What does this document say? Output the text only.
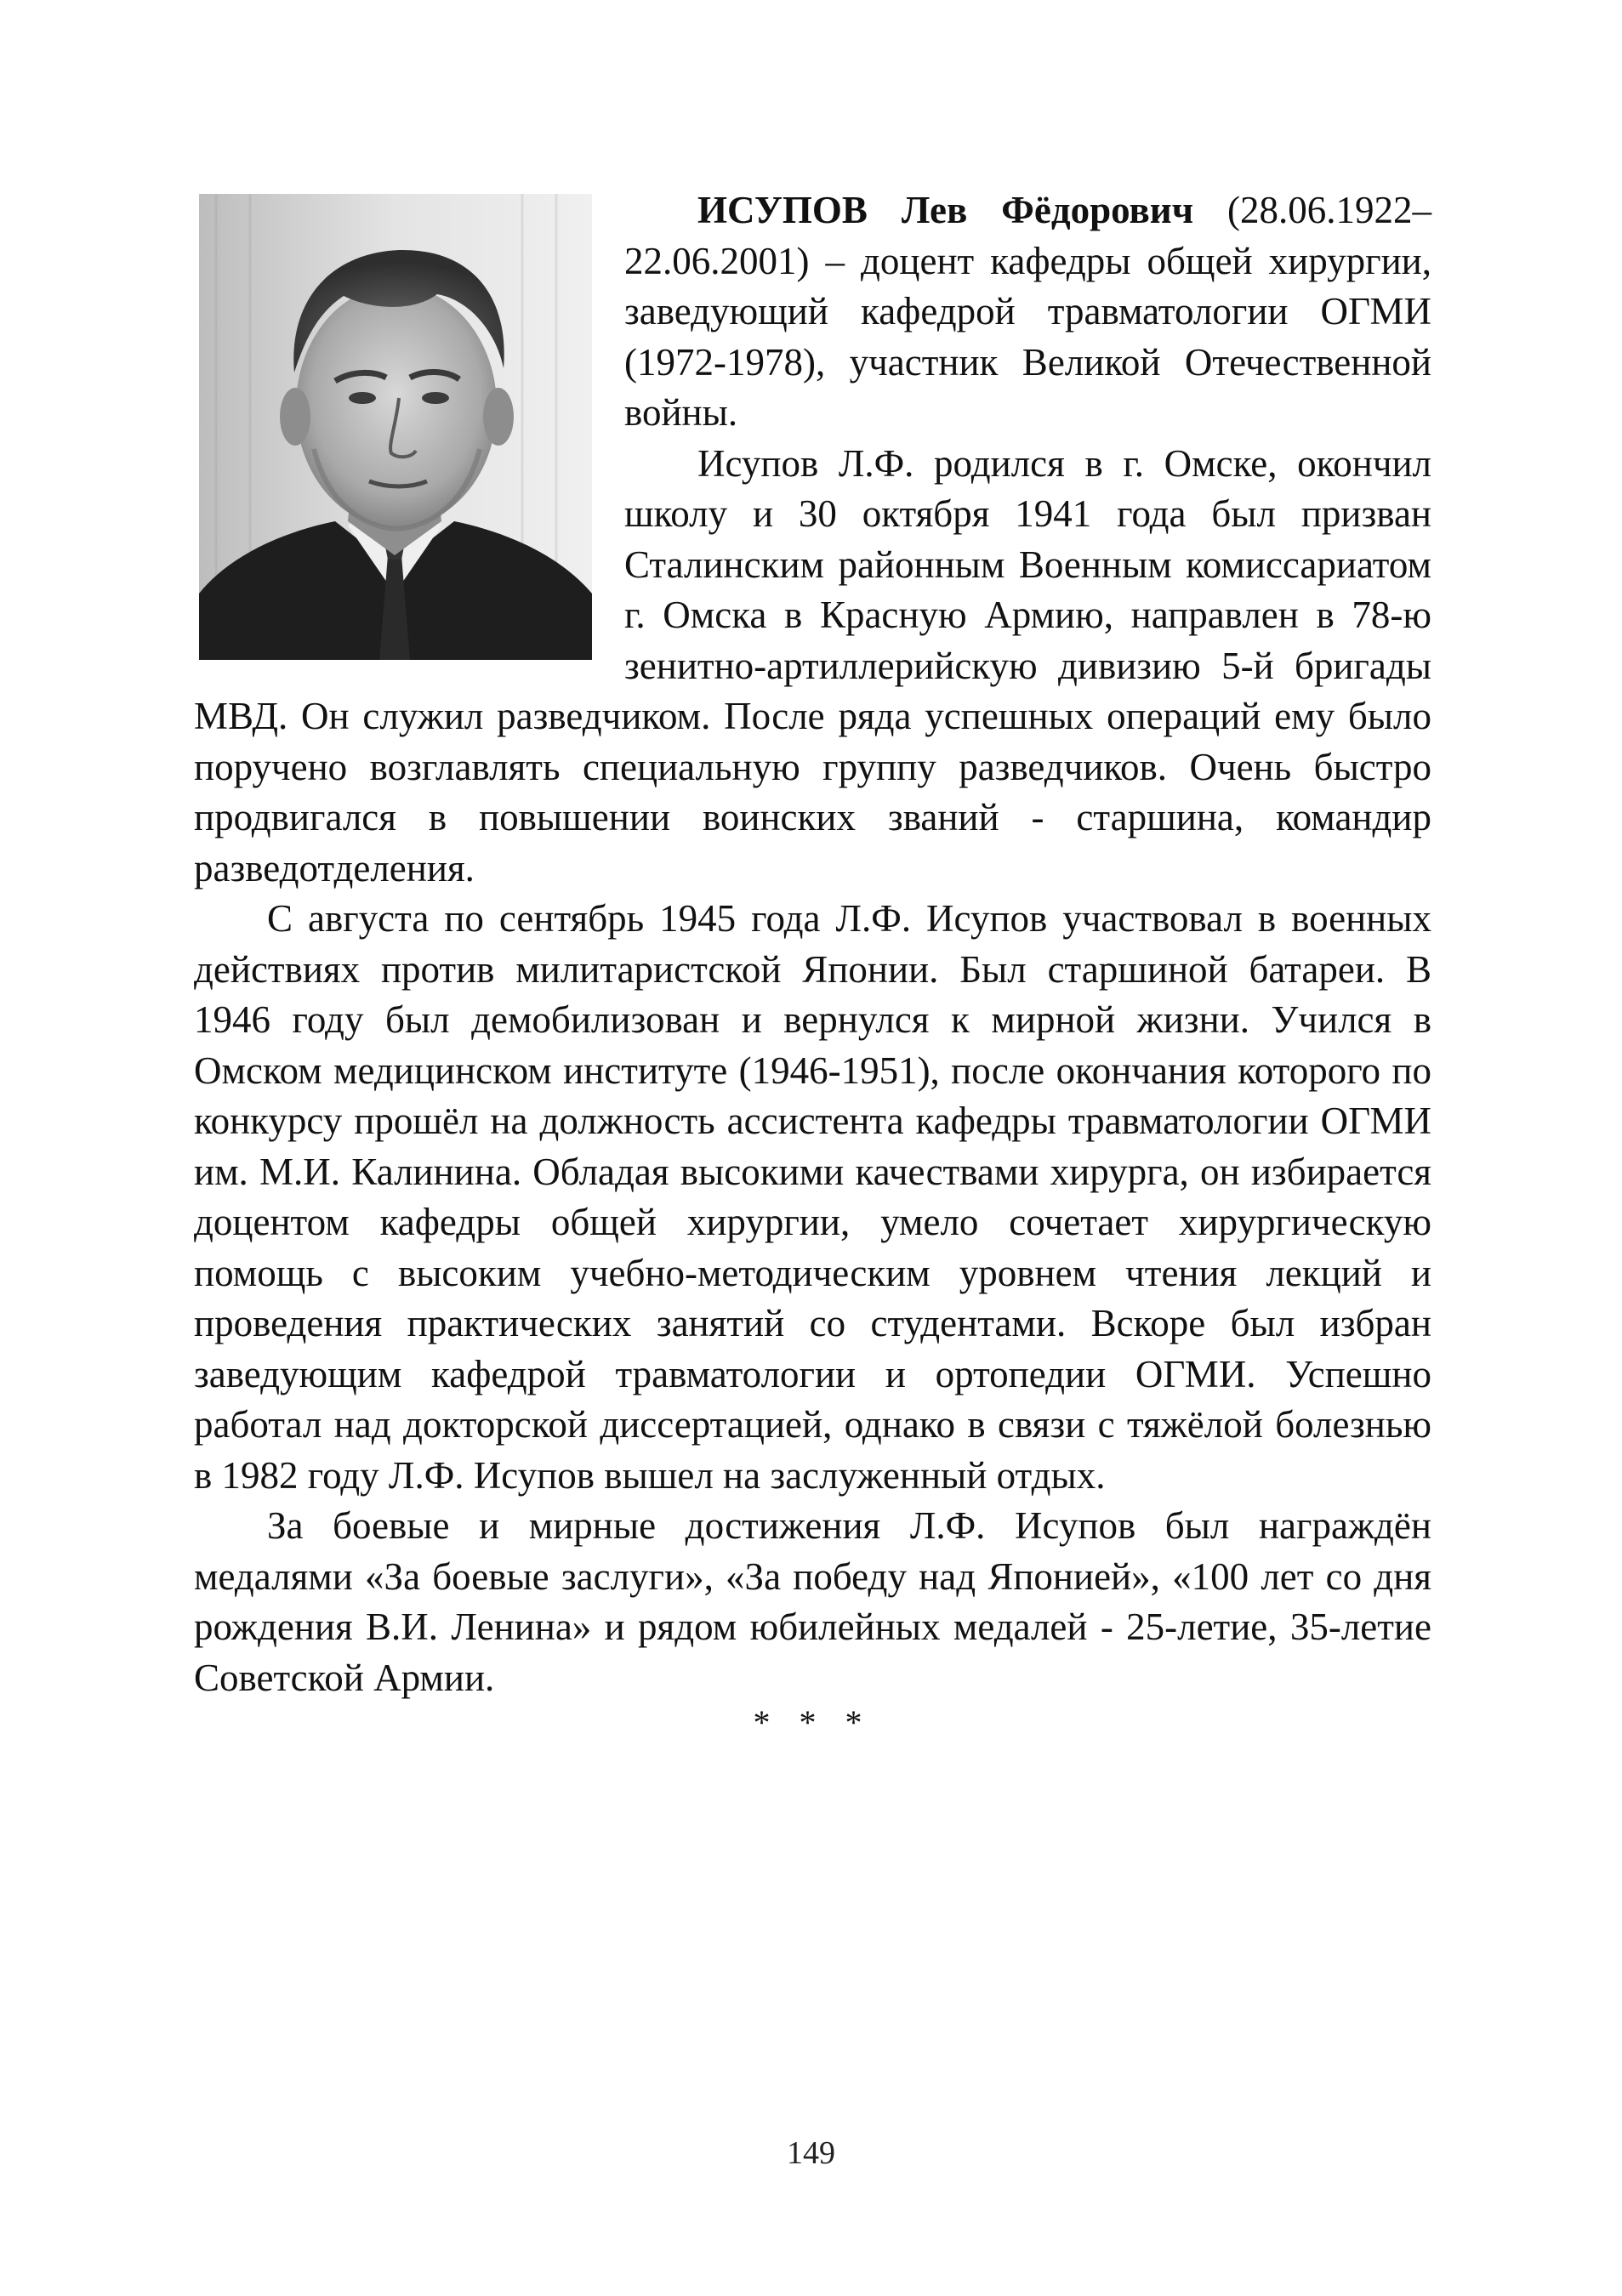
ИСУПОВ Лев Фёдорович (28.06.1922–22.06.2001) – доцент кафедры общей хирургии, заведующий кафедрой травматологии ОГМИ (1972-1978), участник Великой Отечественной войны.

Исупов Л.Ф. родился в г. Омске, окончил школу и 30 октября 1941 года был призван Сталинским районным Военным комиссариатом г. Омска в Красную Армию, направлен в 78-ю зенитно-артиллерийскую дивизию 5-й бригады МВД. Он служил разведчиком. После ряда успешных операций ему было поручено возглавлять специальную группу разведчиков. Очень быстро продвигался в повышении воинских званий - старшина, командир разведотделения.

С августа по сентябрь 1945 года Л.Ф. Исупов участвовал в военных действиях против милитаристской Японии. Был старшиной батареи. В 1946 году был демобилизован и вернулся к мирной жизни. Учился в Омском медицинском институте (1946-1951), после окончания которого по конкурсу прошёл на должность ассистента кафедры травматологии ОГМИ им. М.И. Калинина. Обладая высокими качествами хирурга, он избирается доцентом кафедры общей хирургии, умело сочетает хирургическую помощь с высоким учебно-методическим уровнем чтения лекций и проведения практических занятий со студентами. Вскоре был избран заведующим кафедрой травматологии и ортопедии ОГМИ. Успешно работал над докторской диссертацией, однако в связи с тяжёлой болезнью в 1982 году Л.Ф. Исупов вышел на заслуженный отдых.

За боевые и мирные достижения Л.Ф. Исупов был награждён медалями «За боевые заслуги», «За победу над Японией», «100 лет со дня рождения В.И. Ленина» и рядом юбилейных медалей - 25-летие, 35-летие Советской Армии.

* * *

149
